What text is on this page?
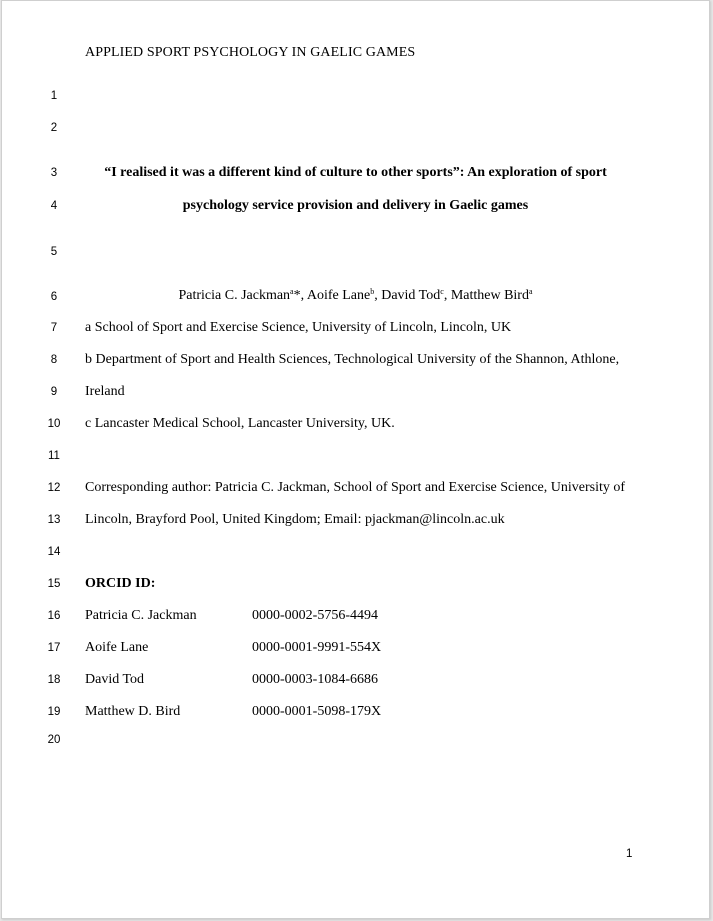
APPLIED SPORT PSYCHOLOGY IN GAELIC GAMES
1
2
3
4
5
6
7
8
9
10
11
12
13
14
15
16
17
18
19
20
“I realised it was a different kind of culture to other sports”: An exploration of sport
psychology service provision and delivery in Gaelic games
Patricia C. Jackman$^a$*, Aoife Lane$^b$, David Tod$^c$, Matthew Bird$^a$
a School of Sport and Exercise Science, University of Lincoln, Lincoln, UK
b Department of Sport and Health Sciences, Technological University of the Shannon, Athlone,
Ireland
c Lancaster Medical School, Lancaster University, UK.
Corresponding author: Patricia C. Jackman, School of Sport and Exercise Science, University of
Lincoln, Brayford Pool, United Kingdom; Email: pjackman@lincoln.ac.uk
ORCID ID:
Patricia C. Jackman	0000-0002-5756-4494
Aoife Lane	0000-0001-9991-554X
David Tod	0000-0003-1084-6686
Matthew D. Bird	0000-0001-5098-179X
1
